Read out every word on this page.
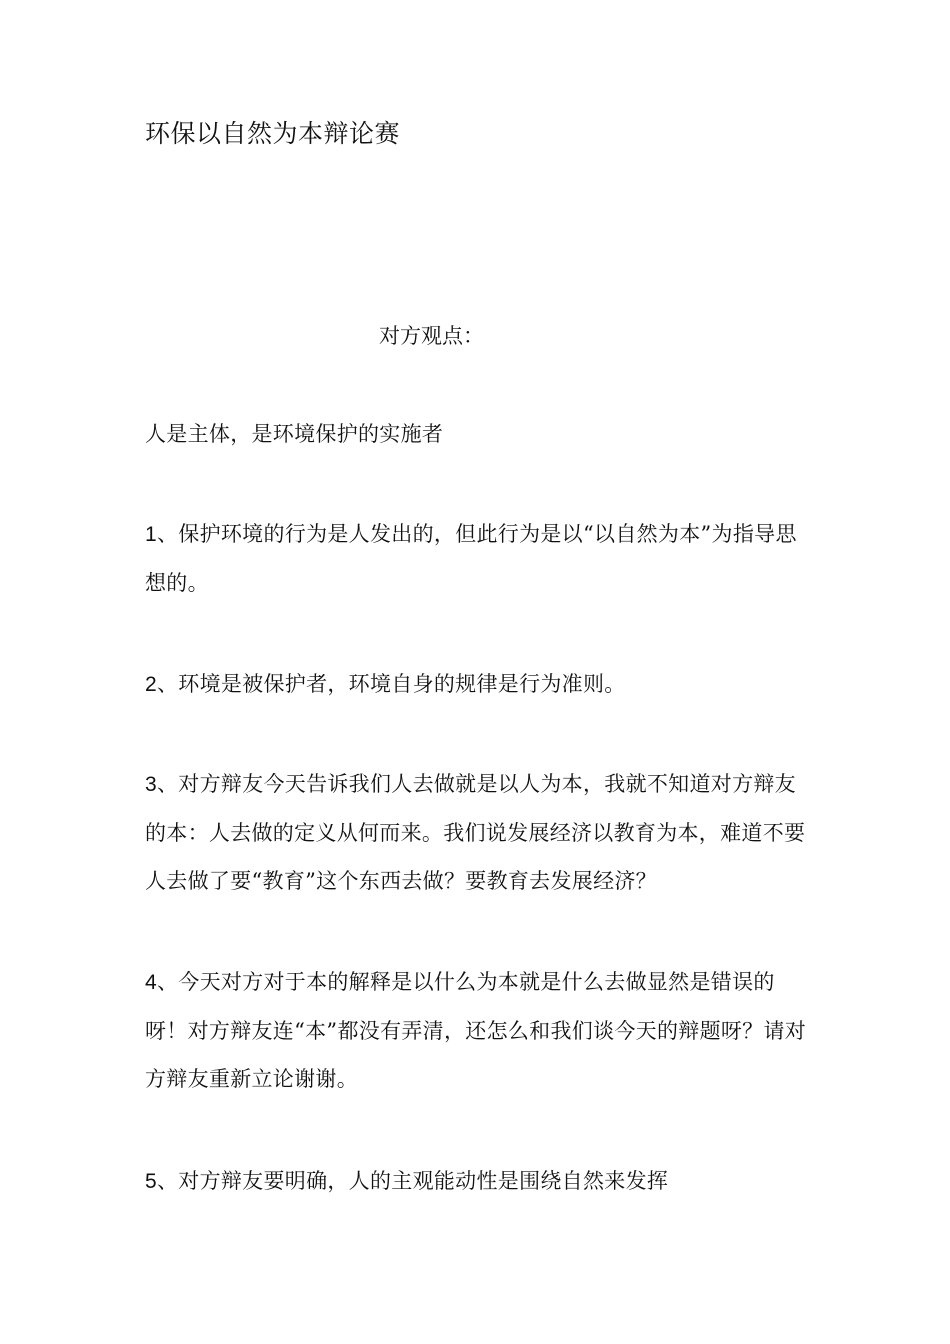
环保以自然为本辩论赛
对方观点：

人是主体，是环境保护的实施者

1、保护环境的行为是人发出的，但此行为是以“以自然为本”为指导思想的。

2、环境是被保护者，环境自身的规律是行为准则。

3、对方辩友今天告诉我们人去做就是以人为本，我就不知道对方辩友的本：人去做的定义从何而来。我们说发展经济以教育为本，难道不要人去做了要“教育”这个东西去做？要教育去发展经济？

4、今天对方对于本的解释是以什么为本就是什么去做显然是错误的呀！对方辩友连“本”都没有弄清，还怎么和我们谈今天的辩题呀？请对方辩友重新立论谢谢。

5、对方辩友要明确，人的主观能动性是围绕自然来发挥
